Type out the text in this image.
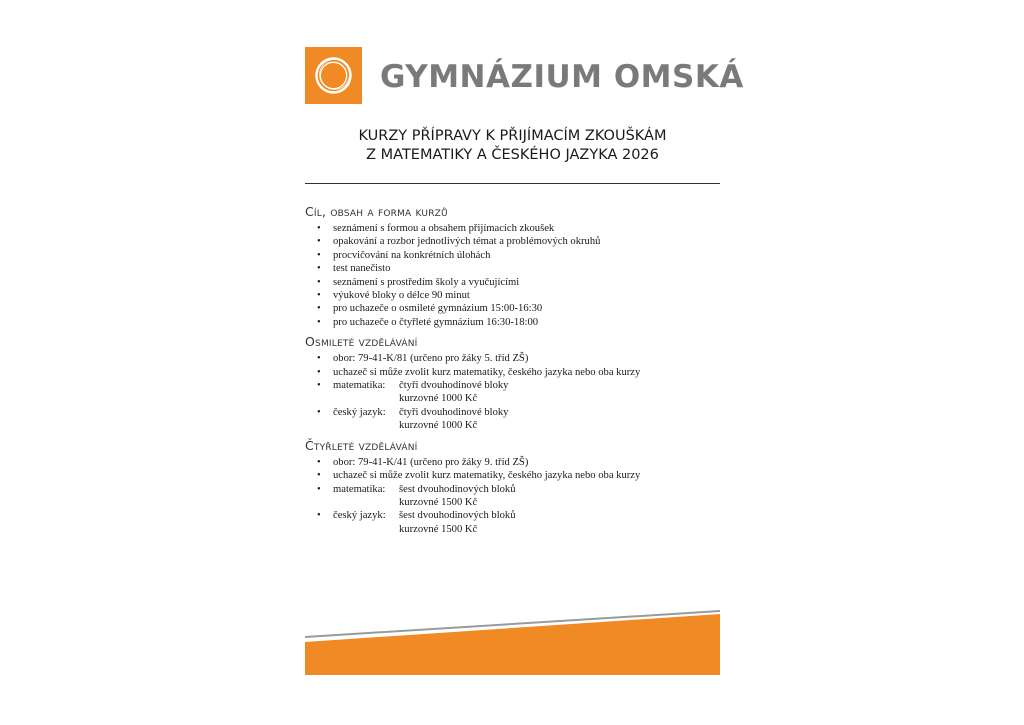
GYMNÁZIUM OMSKÁ
KURZY PŘÍPRAVY K PŘIJÍMACÍM ZKOUŠKÁM
Z MATEMATIKY A ČESKÉHO JAZYKA 2026
Cíl, obsah a forma kurzů
• seznámení s formou a obsahem přijímacích zkoušek
• opakování a rozbor jednotlivých témat a problémových okruhů
• procvičování na konkrétních úlohách
• test nanečisto
• seznámení s prostředím školy a vyučujícími
• výukové bloky o délce 90 minut
• pro uchazeče o osmileté gymnázium 15:00-16:30
• pro uchazeče o čtyřleté gymnázium 16:30-18:00
Osmileté vzdělávání
• obor: 79-41-K/81 (určeno pro žáky 5. tříd ZŠ)
• uchazeč si může zvolit kurz matematiky, českého jazyka nebo oba kurzy
• matematika:	čtyři dvouhodinové bloky
kurzovné 1000 Kč
• český jazyk:	čtyři dvouhodinové bloky
kurzovné 1000 Kč
Čtyřleté vzdělávání
• obor: 79-41-K/41 (určeno pro žáky 9. tříd ZŠ)
• uchazeč si může zvolit kurz matematiky, českého jazyka nebo oba kurzy
• matematika:	šest dvouhodinových bloků
kurzovné 1500 Kč
• český jazyk:	šest dvouhodinových bloků
kurzovné 1500 Kč
